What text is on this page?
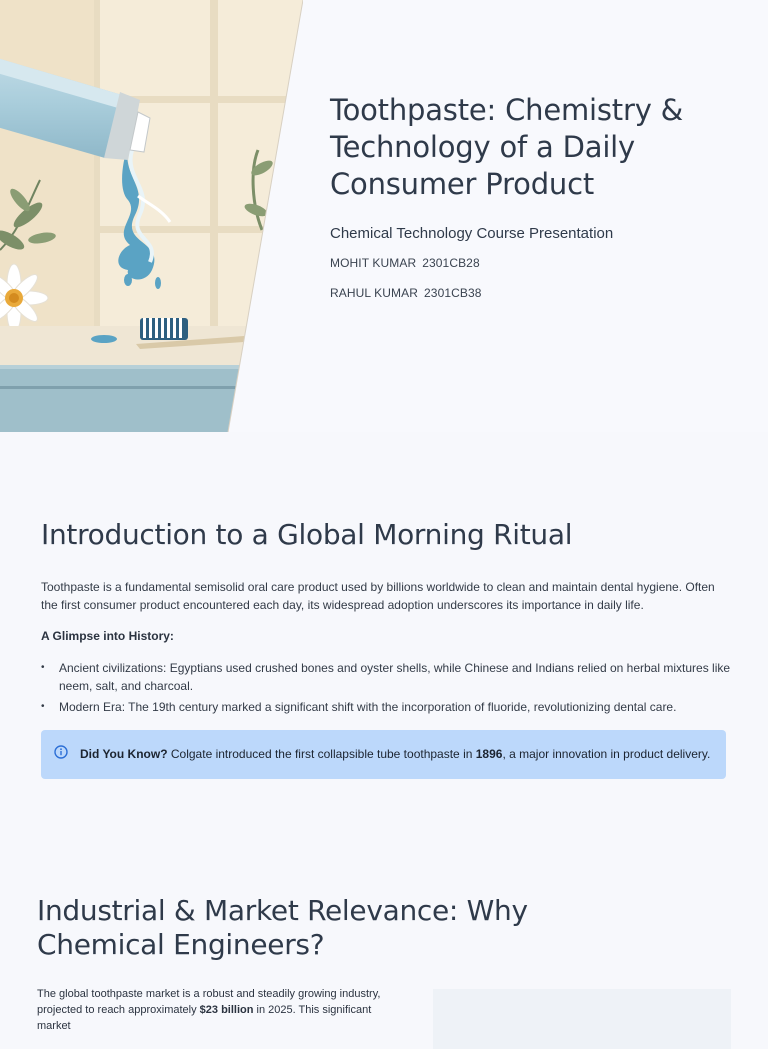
Toothpaste: Chemistry & Technology of a Daily Consumer Product
Chemical Technology Course Presentation
MOHIT KUMAR 2301CB28
RAHUL KUMAR 2301CB38
Introduction to a Global Morning Ritual

Toothpaste is a fundamental semisolid oral care product used by billions worldwide to clean and maintain dental hygiene. Often the first consumer product encountered each day, its widespread adoption underscores its importance in daily life.

A Glimpse into History:
• Ancient civilizations: Egyptians used crushed bones and oyster shells, while Chinese and Indians relied on herbal mixtures like neem, salt, and charcoal.
• Modern Era: The 19th century marked a significant shift with the incorporation of fluoride, revolutionizing dental care.
Did You Know? Colgate introduced the first collapsible tube toothpaste in 1896, a major innovation in product delivery.
Industrial & Market Relevance: Why Chemical Engineers?

The global toothpaste market is a robust and steadily growing industry, projected to reach approximately $23 billion in 2025. This significant market
